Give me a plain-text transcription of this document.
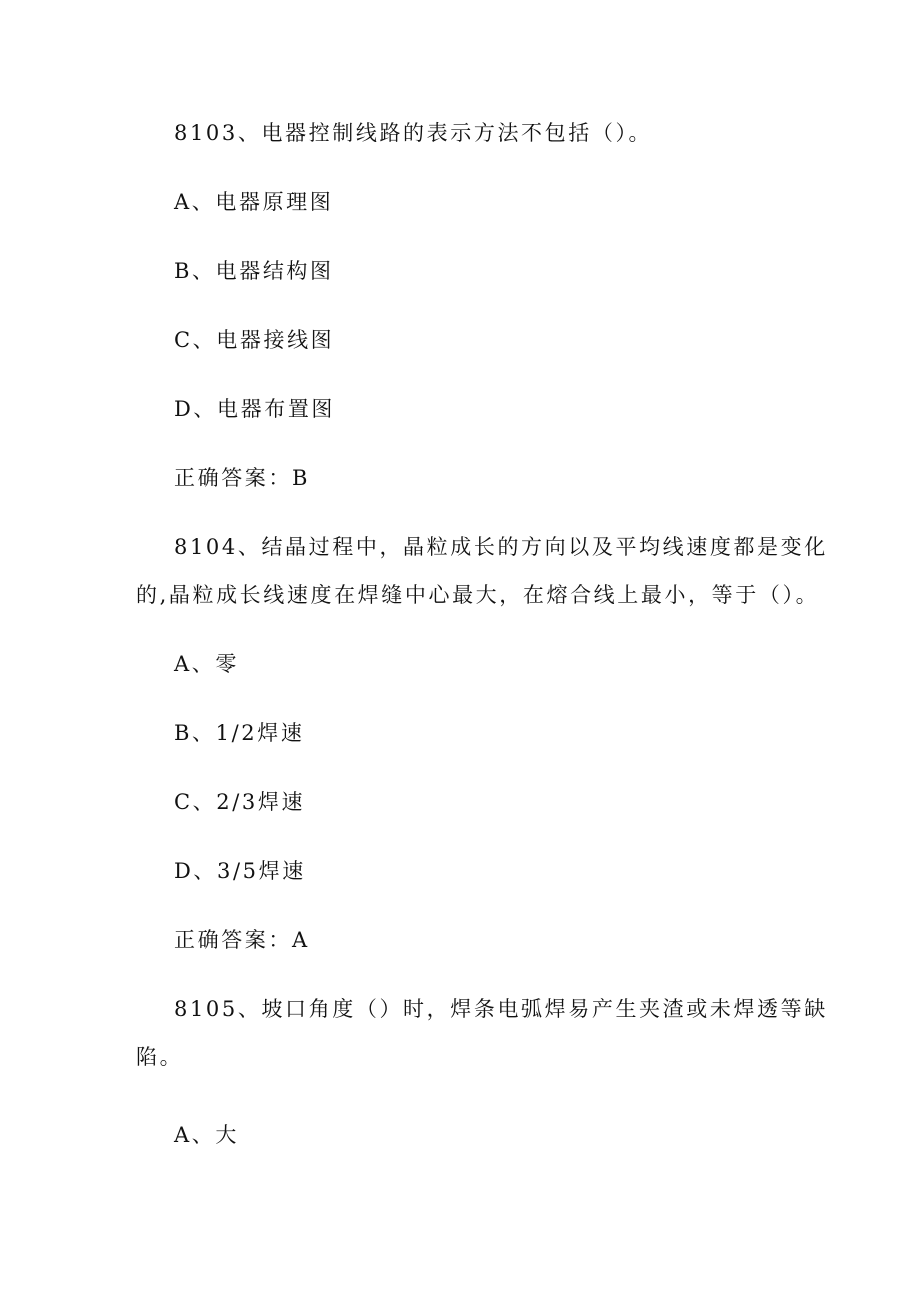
8103、电器控制线路的表示方法不包括（）。
A、电器原理图
B、电器结构图
C、电器接线图
D、电器布置图
正确答案：B
8104、结晶过程中，晶粒成长的方向以及平均线速度都是变化
的,晶粒成长线速度在焊缝中心最大，在熔合线上最小，等于（）。
A、零
B、1/2焊速
C、2/3焊速
D、3/5焊速
正确答案：A
8105、坡口角度（）时，焊条电弧焊易产生夹渣或未焊透等缺
陷。
A、大
